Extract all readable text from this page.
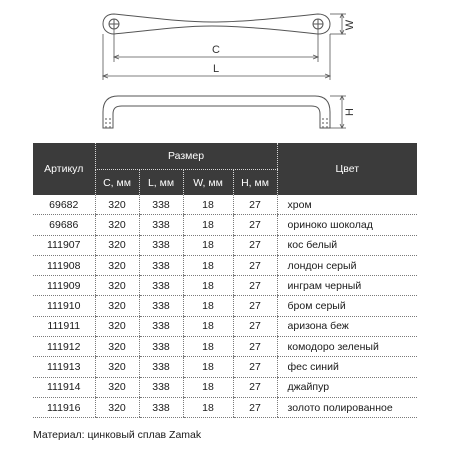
W
C
L
H
Артикул	Размер				Цвет
	C, мм	L, мм	W, мм	H, мм	
69682	320	338	18	27	хром
69686	320	338	18	27	ориноко шоколад
111907	320	338	18	27	кос белый
111908	320	338	18	27	лондон серый
111909	320	338	18	27	инграм черный
111910	320	338	18	27	бром серый
111911	320	338	18	27	аризона беж
111912	320	338	18	27	комодоро зеленый
111913	320	338	18	27	фес синий
111914	320	338	18	27	джайпур
111916	320	338	18	27	золото полированное
Материал: цинковый сплав Zamak
